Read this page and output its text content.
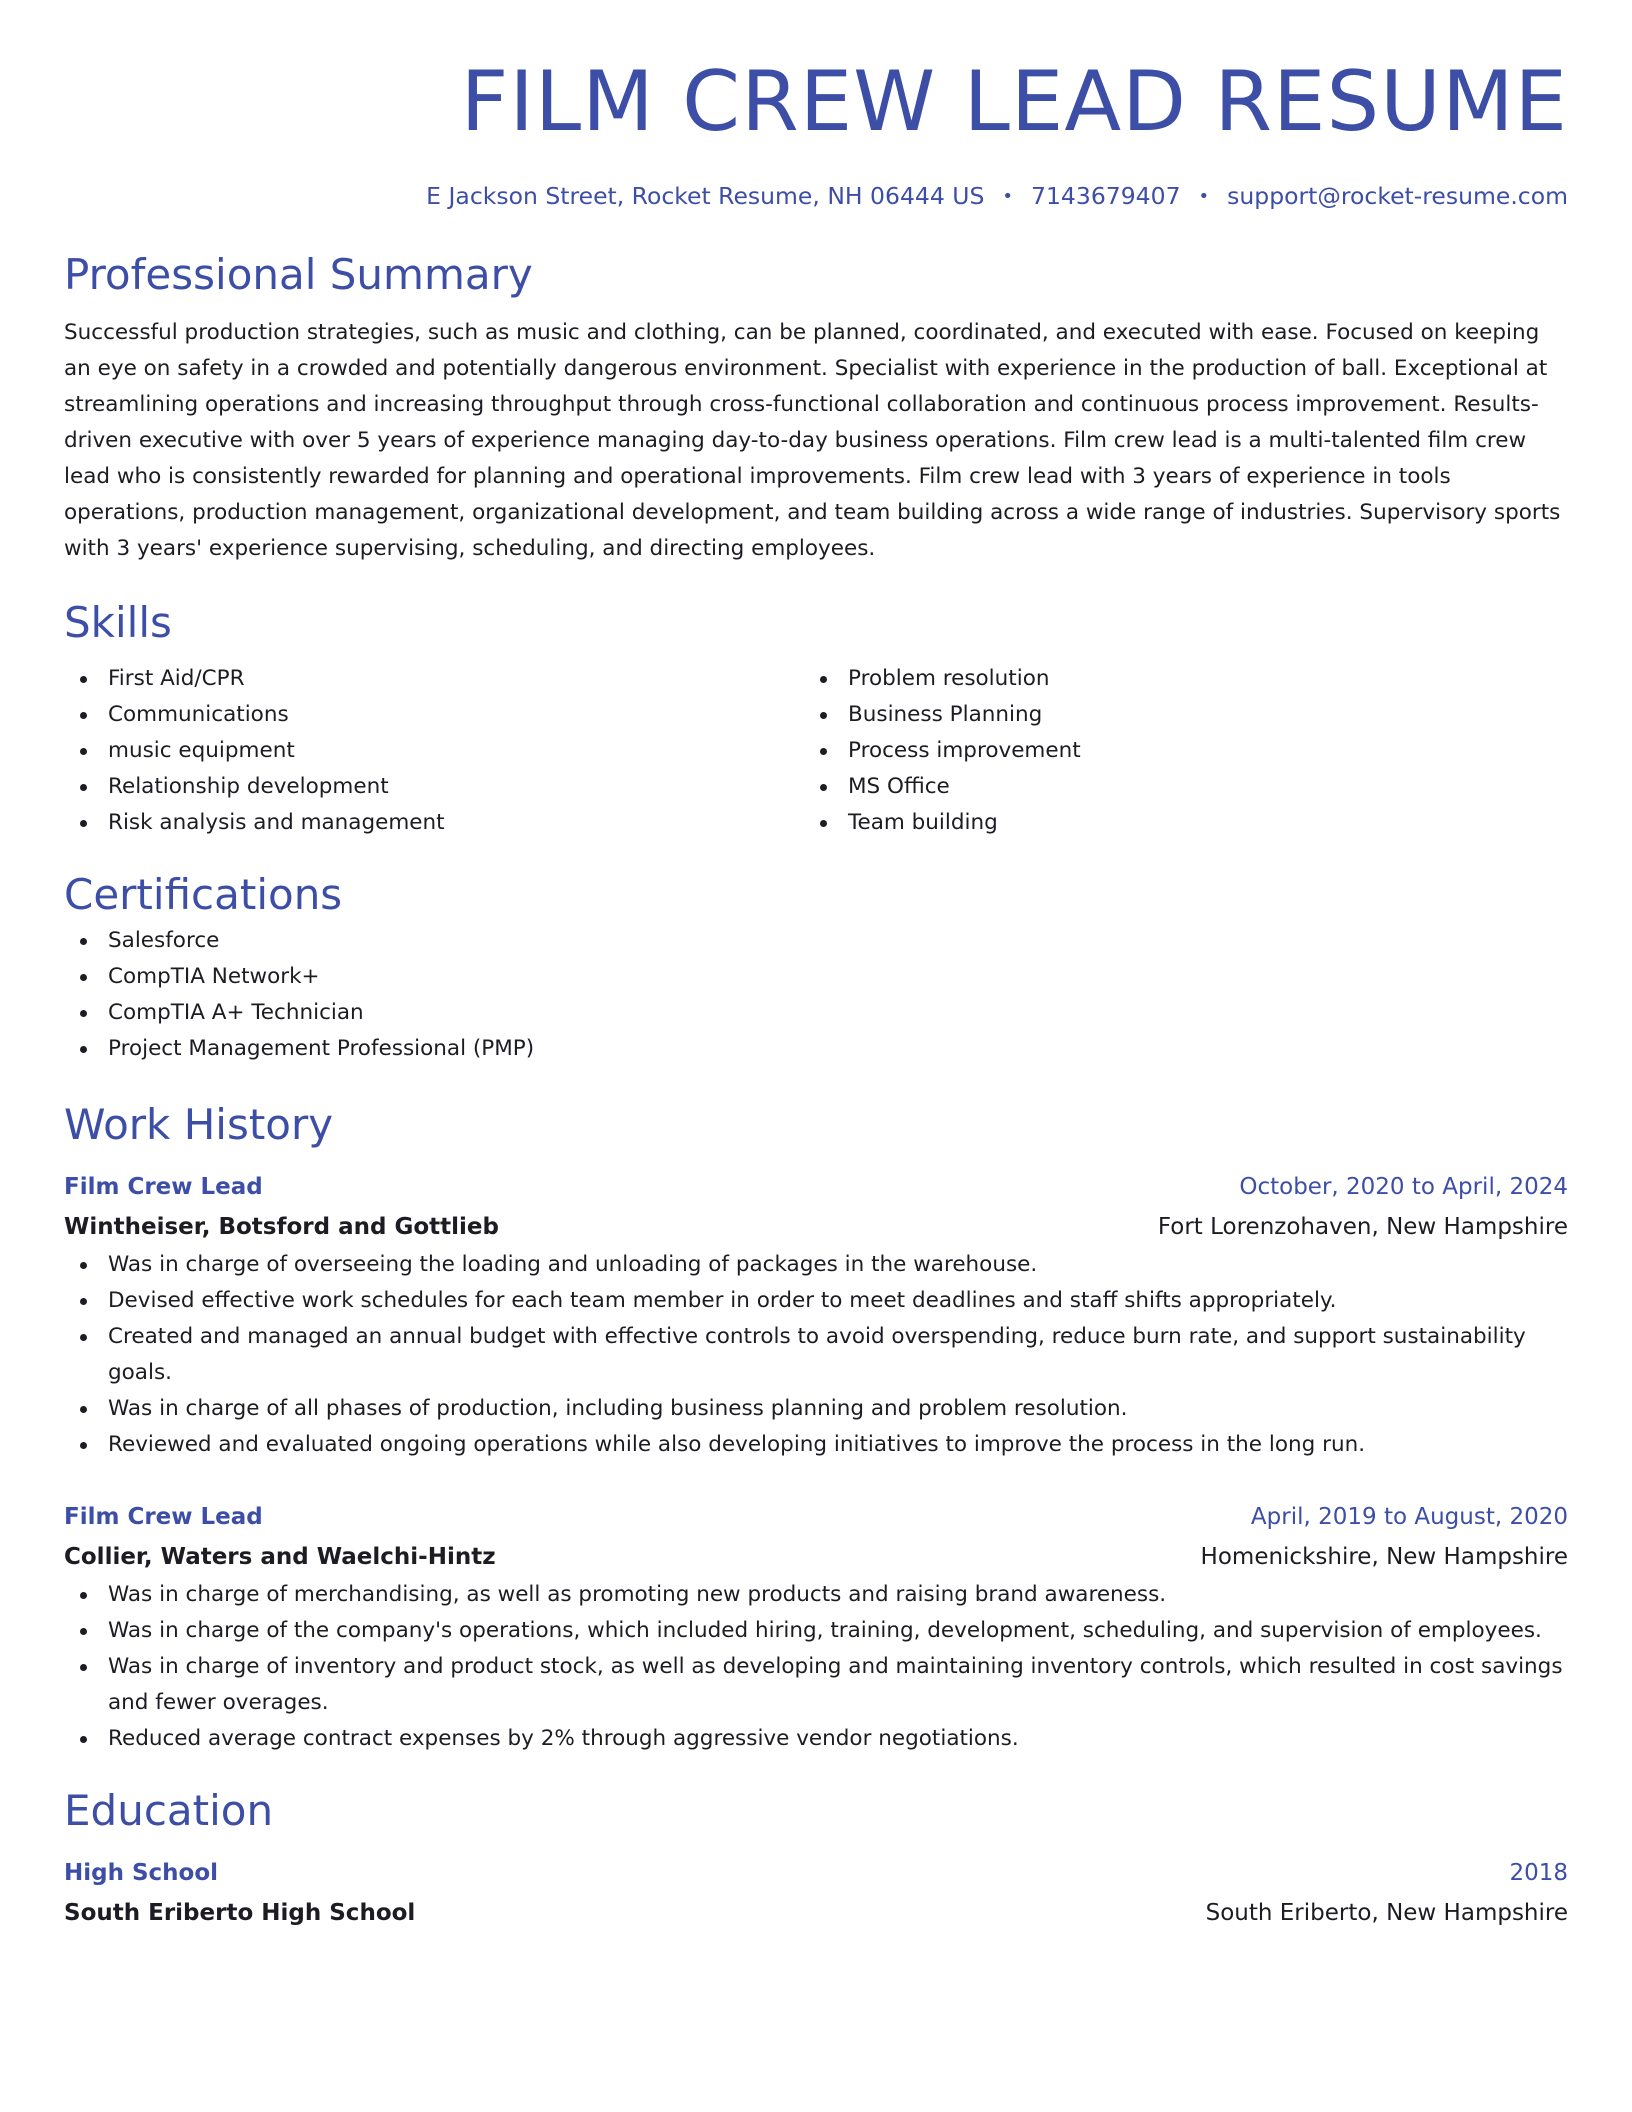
FILM CREW LEAD RESUME
E Jackson Street, Rocket Resume, NH 06444 US • 7143679407 • support@rocket-resume.com
Professional Summary

Successful production strategies, such as music and clothing, can be planned, coordinated, and executed with ease. Focused on keeping an eye on safety in a crowded and potentially dangerous environment. Specialist with experience in the production of ball. Exceptional at streamlining operations and increasing throughput through cross-functional collaboration and continuous process improvement. Results-driven executive with over 5 years of experience managing day-to-day business operations. Film crew lead is a multi-talented film crew lead who is consistently rewarded for planning and operational improvements. Film crew lead with 3 years of experience in tools operations, production management, organizational development, and team building across a wide range of industries. Supervisory sports with 3 years' experience supervising, scheduling, and directing employees.

Skills
First Aid/CPR
Communications
music equipment
Relationship development
Risk analysis and management
Problem resolution
Business Planning
Process improvement
MS Office
Team building
Certifications
Salesforce
CompTIA Network+
CompTIA A+ Technician
Project Management Professional (PMP)
Work History
Film Crew Lead	October, 2020 to April, 2024
Wintheiser, Botsford and Gottlieb	Fort Lorenzohaven, New Hampshire
Was in charge of overseeing the loading and unloading of packages in the warehouse.
Devised effective work schedules for each team member in order to meet deadlines and staff shifts appropriately.
Created and managed an annual budget with effective controls to avoid overspending, reduce burn rate, and support sustainability goals.
Was in charge of all phases of production, including business planning and problem resolution.
Reviewed and evaluated ongoing operations while also developing initiatives to improve the process in the long run.
Film Crew Lead	April, 2019 to August, 2020
Collier, Waters and Waelchi-Hintz	Homenickshire, New Hampshire
Was in charge of merchandising, as well as promoting new products and raising brand awareness.
Was in charge of the company's operations, which included hiring, training, development, scheduling, and supervision of employees.
Was in charge of inventory and product stock, as well as developing and maintaining inventory controls, which resulted in cost savings and fewer overages.
Reduced average contract expenses by 2% through aggressive vendor negotiations.
Education
High School	2018
South Eriberto High School	South Eriberto, New Hampshire
